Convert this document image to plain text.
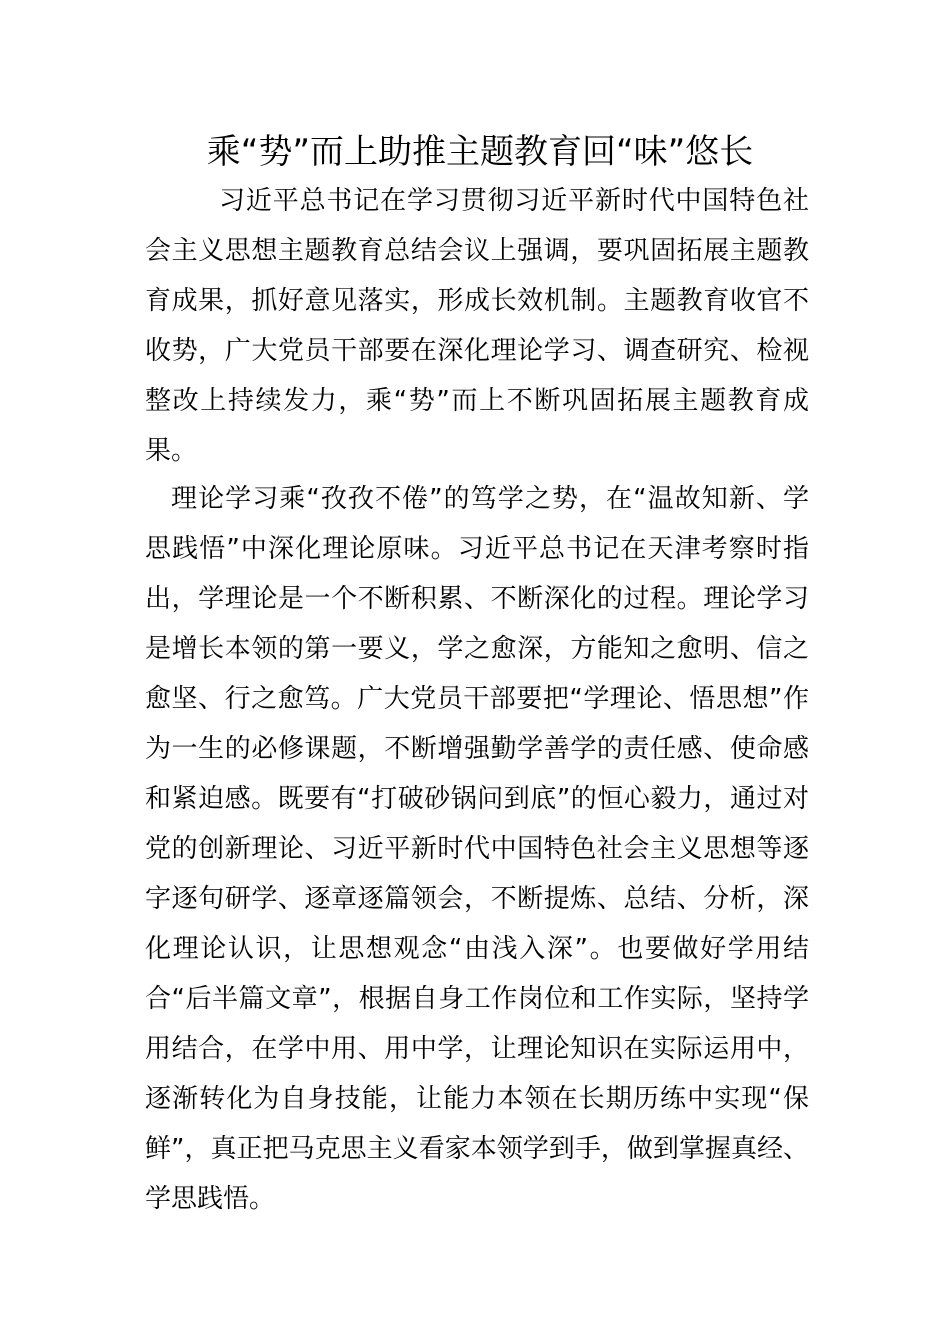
乘“势”而上助推主题教育回“味”悠长

习近平总书记在学习贯彻习近平新时代中国特色社会主义思想主题教育总结会议上强调，要巩固拓展主题教育成果，抓好意见落实，形成长效机制。主题教育收官不收势，广大党员干部要在深化理论学习、调查研究、检视整改上持续发力，乘“势”而上不断巩固拓展主题教育成果。

理论学习乘“孜孜不倦”的笃学之势，在“温故知新、学思践悟”中深化理论原味。习近平总书记在天津考察时指出，学理论是一个不断积累、不断深化的过程。理论学习是增长本领的第一要义，学之愈深，方能知之愈明、信之愈坚、行之愈笃。广大党员干部要把“学理论、悟思想”作为一生的必修课题，不断增强勤学善学的责任感、使命感和紧迫感。既要有“打破砂锅问到底”的恒心毅力，通过对党的创新理论、习近平新时代中国特色社会主义思想等逐字逐句研学、逐章逐篇领会，不断提炼、总结、分析，深化理论认识，让思想观念“由浅入深”。也要做好学用结合“后半篇文章”，根据自身工作岗位和工作实际，坚持学用结合，在学中用、用中学，让理论知识在实际运用中，逐渐转化为自身技能，让能力本领在长期历练中实现“保鲜”，真正把马克思主义看家本领学到手，做到掌握真经、学思践悟。
